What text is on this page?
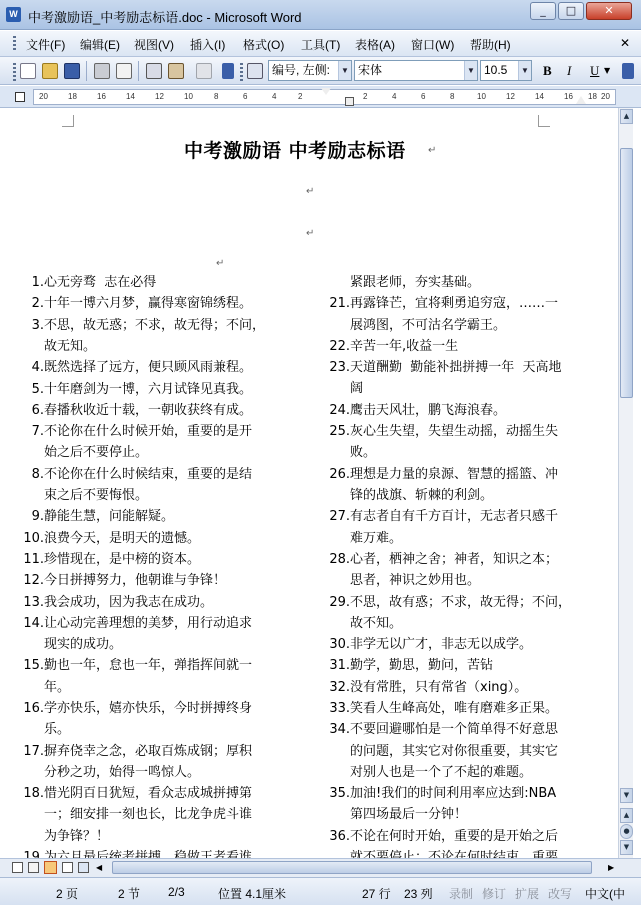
W 中考激励语_中考励志标语.doc - Microsoft Word	_	□	✕
文件(F) 编辑(E) 视图(V) 插入(I) 格式(O) 工具(T) 表格(A) 窗口(W) 帮助(H)	✕
编号, 左侧:	▼ 宋体	▼ 10.5	▼ B I U ▼
20	18	16	14	12	10	8	6	4	2	2	4	6	8	10	12	14	16 18 20
中考激励语 中考励志标语 ↵
↵
↵
↵
1. 心无旁骛  志在必得
2. 十年一博六月梦，赢得寒窗锦绣程。
3. 不思，故无惑；不求，故无得；不问，
故无知。
4. 既然选择了远方，便只顾风雨兼程。
5. 十年磨剑为一博，六月试锋见真我。
6. 春播秋收近十载，一朝收获终有成。
7. 不论你在什么时候开始，重要的是开
始之后不要停止。
8. 不论你在什么时候结束，重要的是结
束之后不要悔恨。
9. 静能生慧，问能解疑。
10. 浪费今天，是明天的遗憾。
11. 珍惜现在，是中榜的资本。
12. 今日拼搏努力，他朝谁与争锋！
13. 我会成功，因为我志在成功。
14. 让心动完善理想的美梦，用行动追求
现实的成功。
15. 勤也一年，怠也一年，弹指挥间就一
年。
16. 学亦快乐，嬉亦快乐，今时拼搏终身
乐。
17. 摒弃侥幸之念，必取百炼成钢；厚积
分秒之功，始得一鸣惊人。
18. 惜光阴百日犹短，看众志成城拼搏第
一；细安排一刻也长，比龙争虎斗谁
为争锋？！
紧跟老师，夯实基础。
21. 再露锋芒，宜将剩勇追穷寇，……一
展鸿图，不可沽名学霸王。
22. 辛苦一年,收益一生
23. 天道酬勤  勤能补拙拼搏一年  天高地
阔
24. 鹰击天风壮，鹏飞海浪春。
25. 灰心生失望，失望生动摇，动摇生失
败。
26. 理想是力量的泉源、智慧的摇篮、冲
锋的战旗、斩棘的利剑。
27. 有志者自有千方百计，无志者只感千
难万难。
28. 心者，栖神之舍；神者，知识之本；
思者，神识之妙用也。
29. 不思，故有惑；不求，故无得；不问，
故不知。
30. 非学无以广才，非志无以成学。
31. 勤学，勤思，勤问，苦钻
32. 没有常胜，只有常省（xing）。
33. 笑看人生峰高处，唯有磨难多正果。
34. 不要回避哪怕是一个简单得不好意思
的问题，其实它对你很重要，其实它
对别人也是一个了不起的难题。
35. 加油!我们的时间利用率应达到:NBA
第四场最后一分钟！
36. 不论在何时开始，重要的是开始之后
▲
▼
▲
●
▼
◀	▶
2 页	2 节 2/3	位置 4.1厘米	27 行 23 列 录制 修订 扩展 改写 中文(中
